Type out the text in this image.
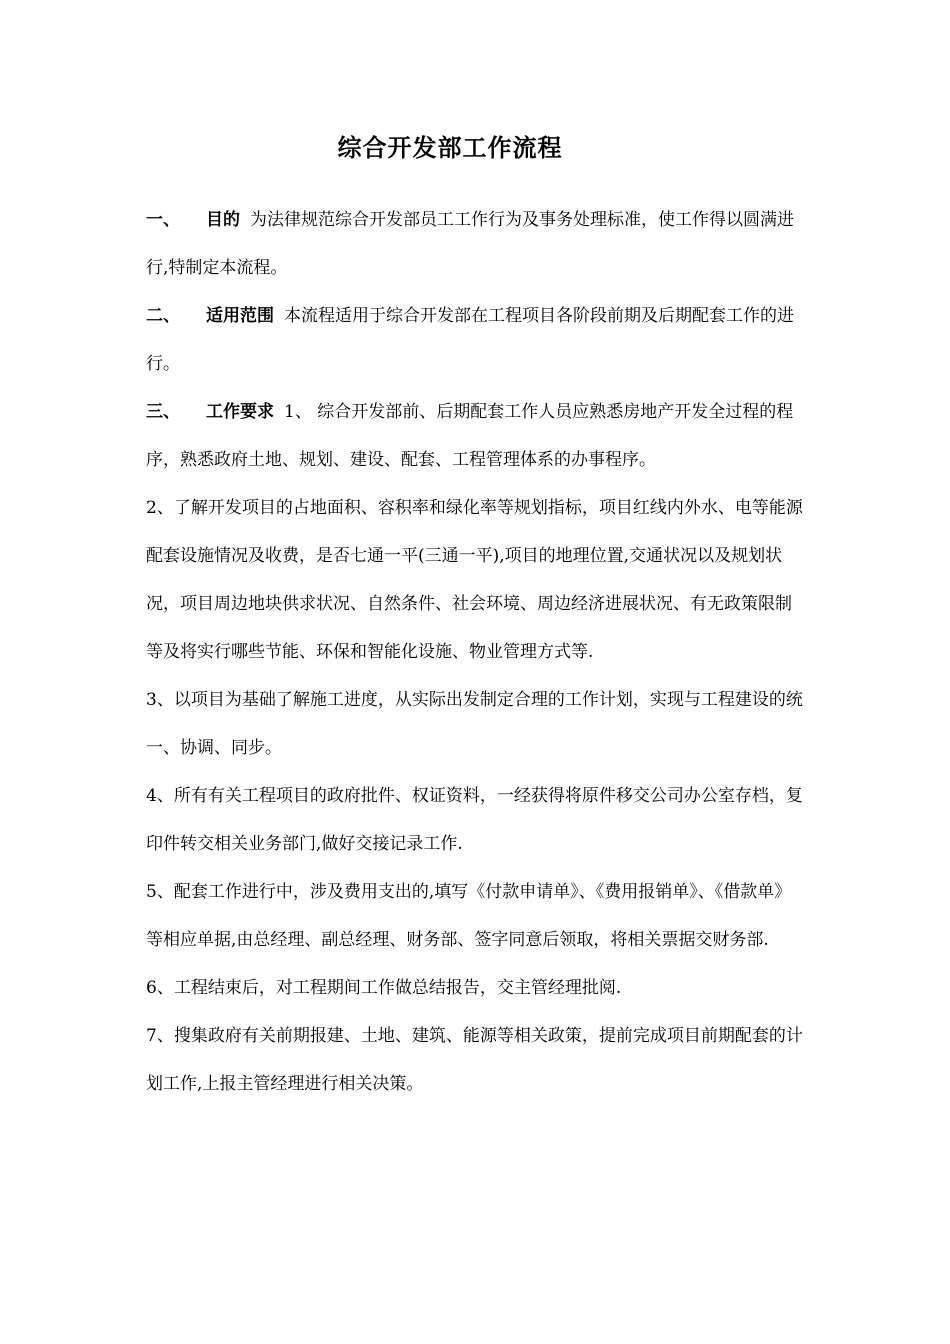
综合开发部工作流程

一、 目的 为法律规范综合开发部员工工作行为及事务处理标准，使工作得以圆满进行,特制定本流程。

二、 适用范围 本流程适用于综合开发部在工程项目各阶段前期及后期配套工作的进行。

三、 工作要求 1、 综合开发部前、后期配套工作人员应熟悉房地产开发全过程的程序，熟悉政府土地、规划、建设、配套、工程管理体系的办事程序。

2、了解开发项目的占地面积、容积率和绿化率等规划指标，项目红线内外水、电等能源配套设施情况及收费，是否七通一平(三通一平),项目的地理位置,交通状况以及规划状况，项目周边地块供求状况、自然条件、社会环境、周边经济进展状况、有无政策限制等及将实行哪些节能、环保和智能化设施、物业管理方式等.

3、以项目为基础了解施工进度，从实际出发制定合理的工作计划，实现与工程建设的统一、协调、同步。

4、所有有关工程项目的政府批件、权证资料，一经获得将原件移交公司办公室存档，复印件转交相关业务部门,做好交接记录工作.

5、配套工作进行中，涉及费用支出的,填写《付款申请单》、《费用报销单》、《借款单》等相应单据,由总经理、副总经理、财务部、签字同意后领取，将相关票据交财务部.

6、工程结束后，对工程期间工作做总结报告，交主管经理批阅.

7、搜集政府有关前期报建、土地、建筑、能源等相关政策，提前完成项目前期配套的计划工作,上报主管经理进行相关决策。
